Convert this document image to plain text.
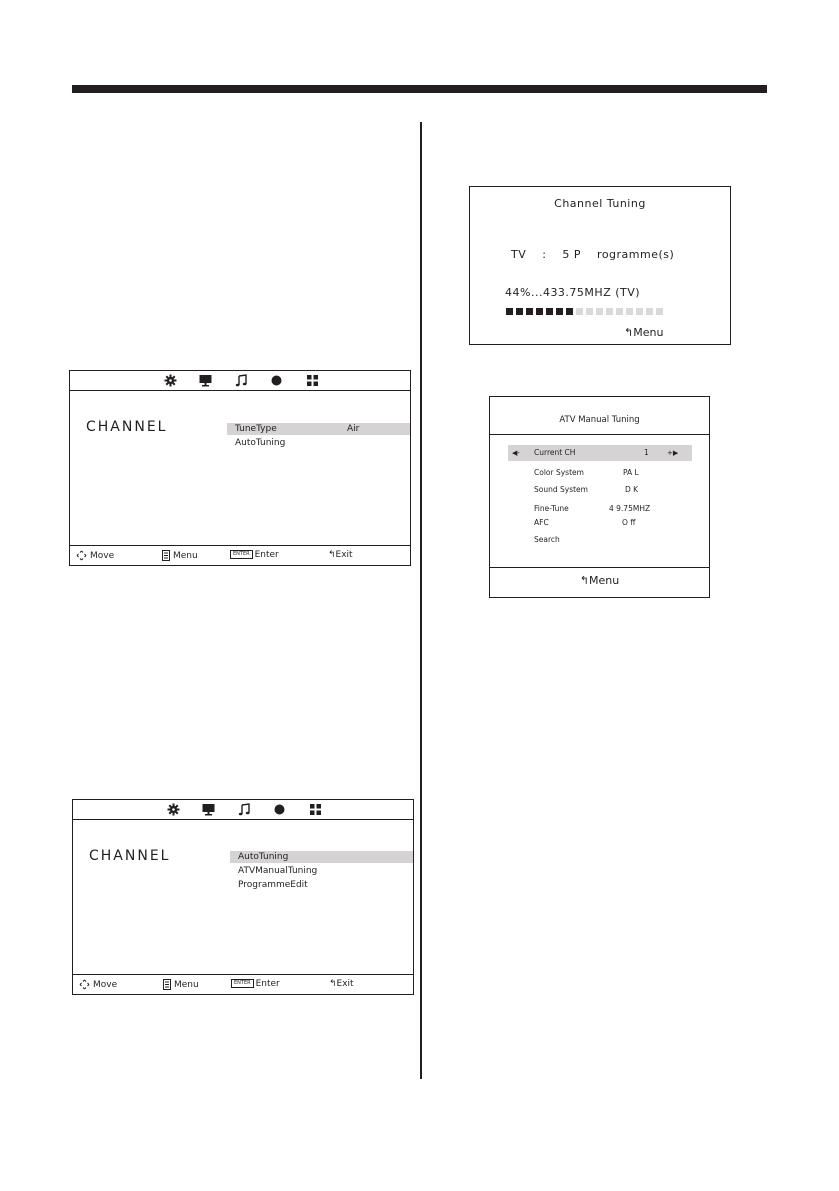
CHANNEL	TuneType	Air
AutoTuning
Move	Menu	ENTER Enter	↰Exit
CHANNEL	AutoTuning
ATVManualTuning
ProgrammeEdit
Move	Menu	ENTER Enter	↰Exit
Channel Tuning
TV    :    5 P    rogramme(s)
44%...433.75MHZ (TV)
↰Menu
ATV Manual Tuning
◀- Current CH	1	+▶
Color System	PA L
Sound System	D K
Fine-Tune	4 9.75MHZ
AFC	O ff
Search
↰Menu
